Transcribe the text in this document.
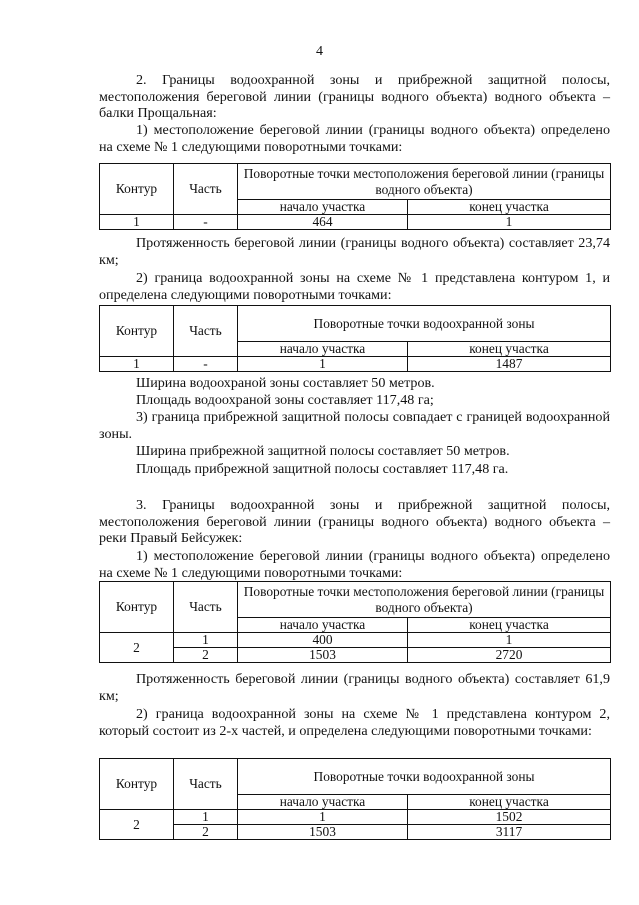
4
2. Границы водоохранной зоны и прибрежной защитной полосы, местоположения береговой линии (границы водного объекта) водного объекта – балки Прощальная:
1) местоположение береговой линии (границы водного объекта) определено на схеме № 1 следующими поворотными точками:
Контур	Часть	Поворотные точки местоположения береговой линии (границы водного объекта)	
		начало участка	конец участка
1	-	464	1
Протяженность береговой линии (границы водного объекта) составляет 23,74 км;
2) граница водоохранной зоны на схеме № 1 представлена контуром 1, и определена следующими поворотными точками:
Контур	Часть	Поворотные точки водоохранной зоны	
		начало участка	конец участка
1	-	1	1487
Ширина водоохраной зоны составляет 50 метров.
Площадь водоохраной зоны составляет 117,48 га;
3) граница прибрежной защитной полосы совпадает с границей водоохранной зоны.
Ширина прибрежной защитной полосы составляет 50 метров.
Площадь прибрежной защитной полосы составляет 117,48 га.
3. Границы водоохранной зоны и прибрежной защитной полосы, местоположения береговой линии (границы водного объекта) водного объекта – реки Правый Бейсужек:
1) местоположение береговой линии (границы водного объекта) определено на схеме № 1 следующими поворотными точками:
Контур	Часть	Поворотные точки местоположения береговой линии (границы водного объекта)	
		начало участка	конец участка
2	1	400	1
	2	1503	2720
Протяженность береговой линии (границы водного объекта) составляет 61,9 км;
2) граница водоохранной зоны на схеме № 1 представлена контуром 2, который состоит из 2-х частей, и определена следующими поворотными точками:
Контур	Часть	Поворотные точки водоохранной зоны	
		начало участка	конец участка
2	1	1	1502
	2	1503	3117
